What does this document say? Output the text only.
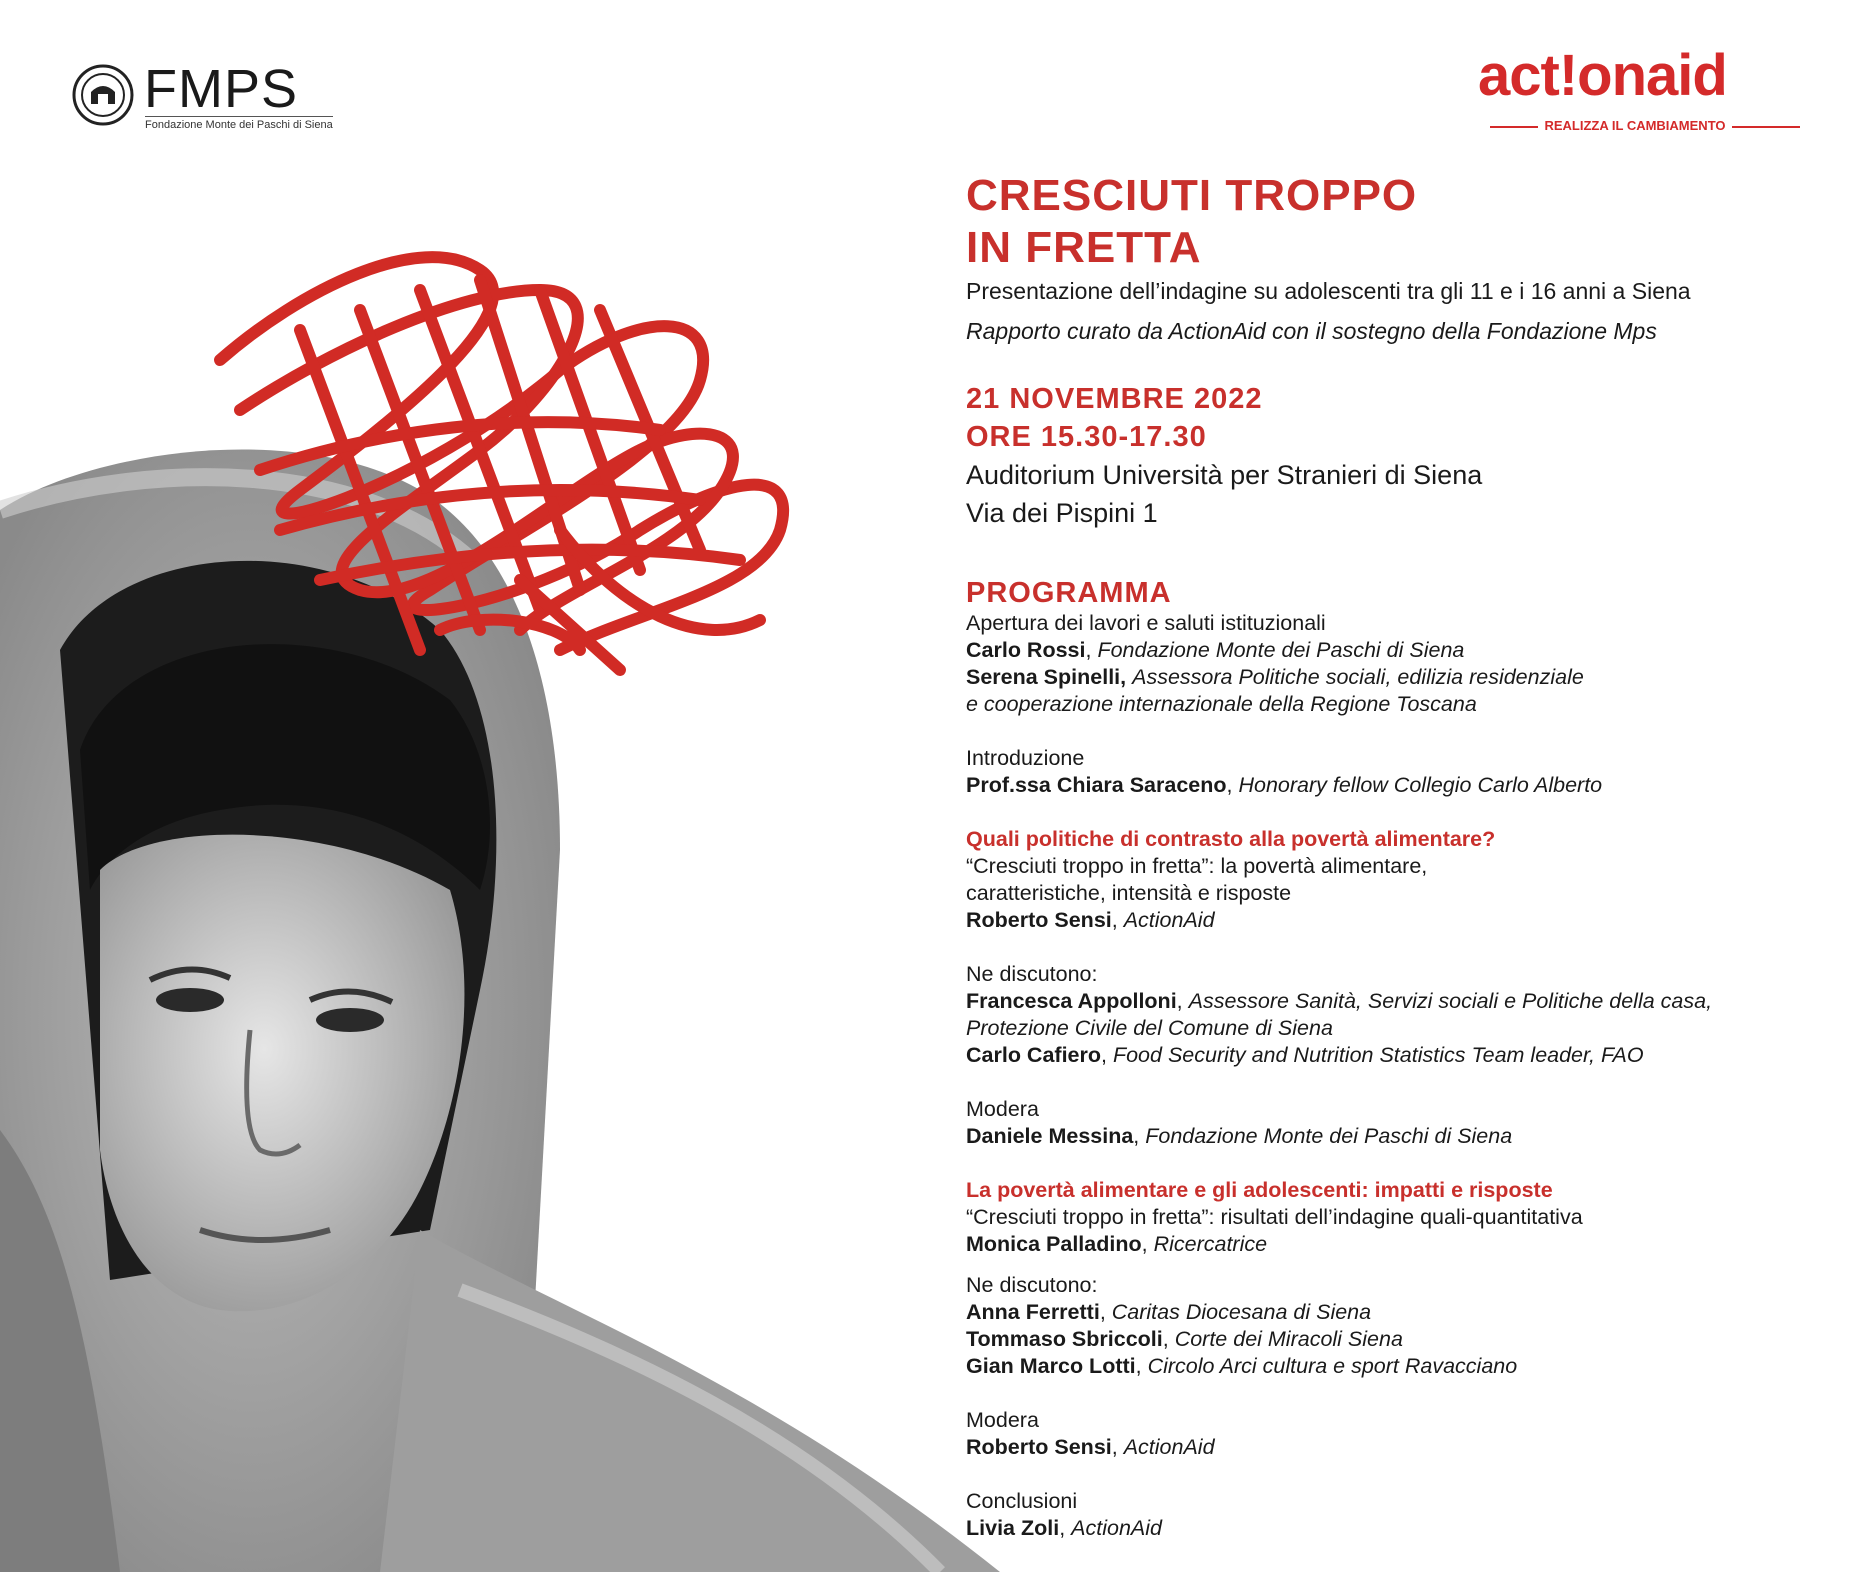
FMPS
Fondazione Monte dei Paschi di Siena
act!onaid
REALIZZA IL CAMBIAMENTO
CRESCIUTI TROPPO
IN FRETTA
Presentazione dell’indagine su adolescenti tra gli 11 e i 16 anni a Siena
Rapporto curato da ActionAid con il sostegno della Fondazione Mps
21 NOVEMBRE 2022
ORE 15.30-17.30
Auditorium Università per Stranieri di Siena
Via dei Pispini 1
PROGRAMMA
Apertura dei lavori e saluti istituzionali
Carlo Rossi, Fondazione Monte dei Paschi di Siena
Serena Spinelli, Assessora Politiche sociali, edilizia residenziale
e cooperazione internazionale della Regione Toscana
Introduzione
Prof.ssa Chiara Saraceno, Honorary fellow Collegio Carlo Alberto
Quali politiche di contrasto alla povertà alimentare?
“Cresciuti troppo in fretta”: la povertà alimentare,
caratteristiche, intensità e risposte
Roberto Sensi, ActionAid
Ne discutono:
Francesca Appolloni, Assessore Sanità, Servizi sociali e Politiche della casa,
Protezione Civile del Comune di Siena
Carlo Cafiero, Food Security and Nutrition Statistics Team leader, FAO
Modera
Daniele Messina, Fondazione Monte dei Paschi di Siena
La povertà alimentare e gli adolescenti: impatti e risposte
“Cresciuti troppo in fretta”: risultati dell’indagine quali-quantitativa
Monica Palladino, Ricercatrice
Ne discutono:
Anna Ferretti, Caritas Diocesana di Siena
Tommaso Sbriccoli, Corte dei Miracoli Siena
Gian Marco Lotti, Circolo Arci cultura e sport Ravacciano
Modera
Roberto Sensi, ActionAid
Conclusioni
Livia Zoli, ActionAid
